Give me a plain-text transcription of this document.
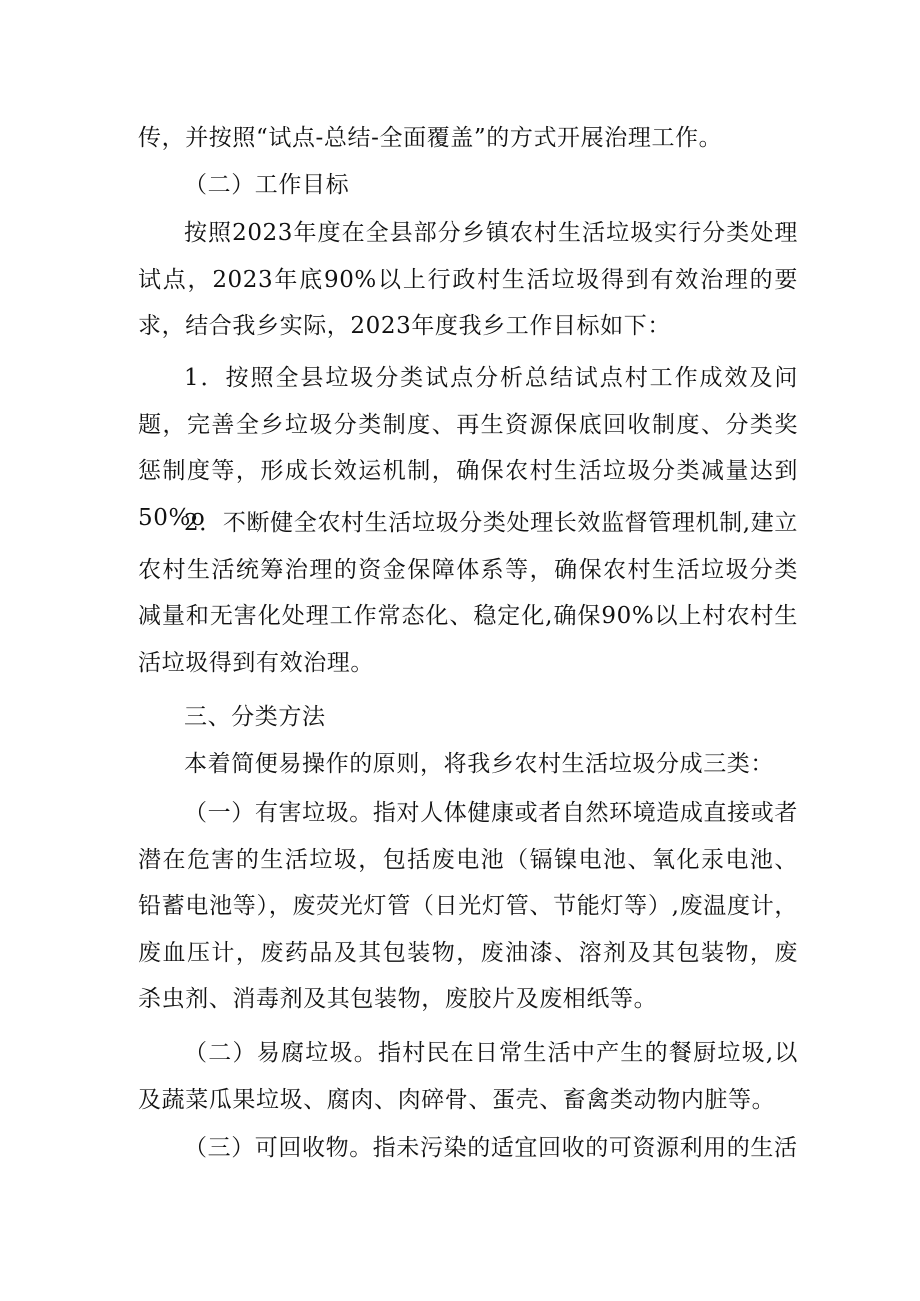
传，并按照“试点-总结-全面覆盖”的方式开展治理工作。

（二）工作目标

按照2023年度在全县部分乡镇农村生活垃圾实行分类处理试点，2023年底90%以上行政村生活垃圾得到有效治理的要求，结合我乡实际，2023年度我乡工作目标如下：

1．按照全县垃圾分类试点分析总结试点村工作成效及问题，完善全乡垃圾分类制度、再生资源保底回收制度、分类奖惩制度等，形成长效运机制，确保农村生活垃圾分类减量达到50%o

2．不断健全农村生活垃圾分类处理长效监督管理机制,建立农村生活统筹治理的资金保障体系等，确保农村生活垃圾分类减量和无害化处理工作常态化、稳定化,确保90%以上村农村生活垃圾得到有效治理。

三、分类方法

本着简便易操作的原则，将我乡农村生活垃圾分成三类：

（一）有害垃圾。指对人体健康或者自然环境造成直接或者潜在危害的生活垃圾，包括废电池（镉镍电池、氧化汞电池、铅蓄电池等），废荧光灯管（日光灯管、节能灯等）,废温度计，废血压计，废药品及其包装物，废油漆、溶剂及其包装物，废杀虫剂、消毒剂及其包装物，废胶片及废相纸等。

（二）易腐垃圾。指村民在日常生活中产生的餐厨垃圾,以及蔬菜瓜果垃圾、腐肉、肉碎骨、蛋壳、畜禽类动物内脏等。

（三）可回收物。指未污染的适宜回收的可资源利用的生活
